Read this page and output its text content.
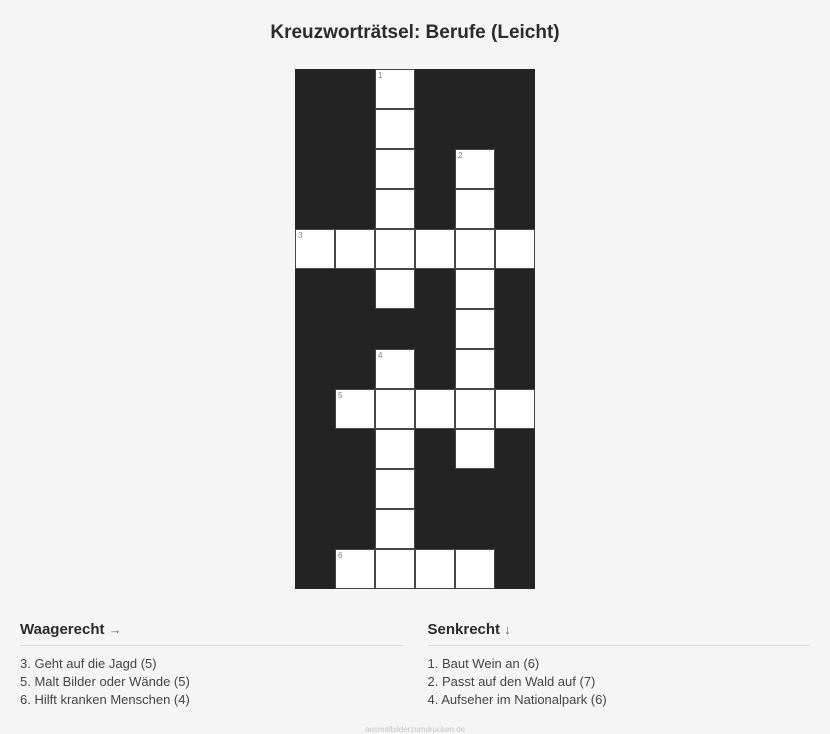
Kreuzworträtsel: Berufe (Leicht)
1
2
3
4
5
6
Waagerecht →
3. Geht auf die Jagd (5)
5. Malt Bilder oder Wände (5)
6. Hilft kranken Menschen (4)
Senkrecht ↓
1. Baut Wein an (6)
2. Passt auf den Wald auf (7)
4. Aufseher im Nationalpark (6)
ausmalbilderzumdrucken.de
